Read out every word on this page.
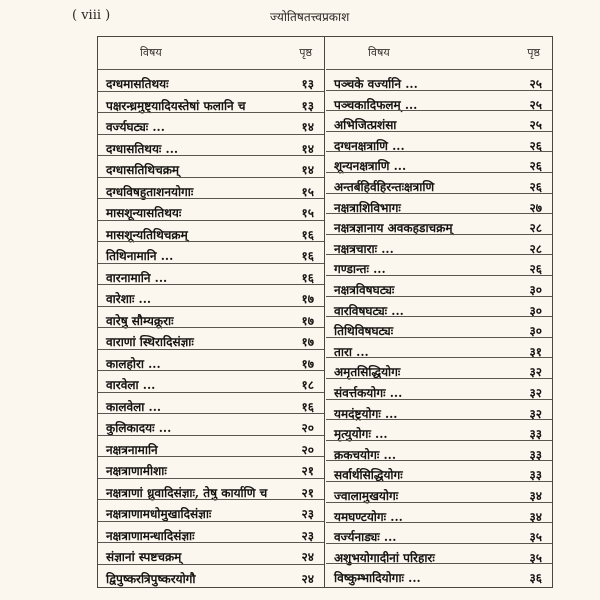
( viii )	ज्योतिषतत्त्वप्रकाश
विषय	पृष्ठ
दग्धमासतिथयः	१३
पक्षरन्ध्रमुष्ट्यादियस्तेषां फलानि च	१३
वर्ज्यघट्यः ...	१४
दग्धासतिथयः ...	१४
दग्धासतिथिचक्रम्	१४
दग्धविषहुताशनयोगाः	१५
मासशून्यासतिथयः	१५
मासशून्यतिथिचक्रम्	१६
तिथिनामानि ...	१६
वारनामानि ...	१६
वारेशाः ...	१७
वारेषु सौम्यक्रूराः	१७
वाराणां स्थिरादिसंज्ञाः	१७
कालहोरा ...	१७
वारवेला ...	१८
कालवेला ...	१६
कुलिकादयः ...	२०
नक्षत्रनामानि	२०
नक्षत्राणामीशाः	२१
नक्षत्राणां ध्रुवादिसंज्ञाः, तेषु कार्याणि च	२१
नक्षत्राणामधोमुखादिसंज्ञाः	२३
नक्षत्राणामन्धादिसंज्ञाः	२३
संज्ञानां स्पष्टचक्रम्	२४
द्विपुष्करत्रिपुष्करयोगौ	२४
विषय	पृष्ठ
पञ्चके वर्ज्यानि ...	२५
पञ्चकादिफलम् ...	२५
अभिजित्प्रशंसा	२५
दग्धनक्षत्राणि ...	२६
शून्यनक्षत्राणि ...	२६
अन्तर्बहिर्वहिरन्तःक्षत्राणि	२६
नक्षत्राशिविभागः	२७
नक्षत्रज्ञानाय अवकहडाचक्रम्	२८
नक्षत्रचाराः ...	२८
गण्डान्तः ...	२६
नक्षत्रविषघट्यः	३०
वारविषघट्यः ...	३०
तिथिविषघट्यः	३०
तारा ...	३१
अमृतसिद्धियोगः	३२
संवर्त्तकयोगः ...	३२
यमदंष्ट्रयोगः ...	३२
मृत्युयोगः ...	३३
क्रकचयोगः ...	३३
सर्वार्थसिद्धियोगः	३३
ज्वालामुखयोगः	३४
यमघण्टयोगः ...	३४
वर्ज्यनाड्यः ...	३५
अशुभयोगादीनां परिहारः	३५
विष्कुम्भादियोगाः ...	३६
